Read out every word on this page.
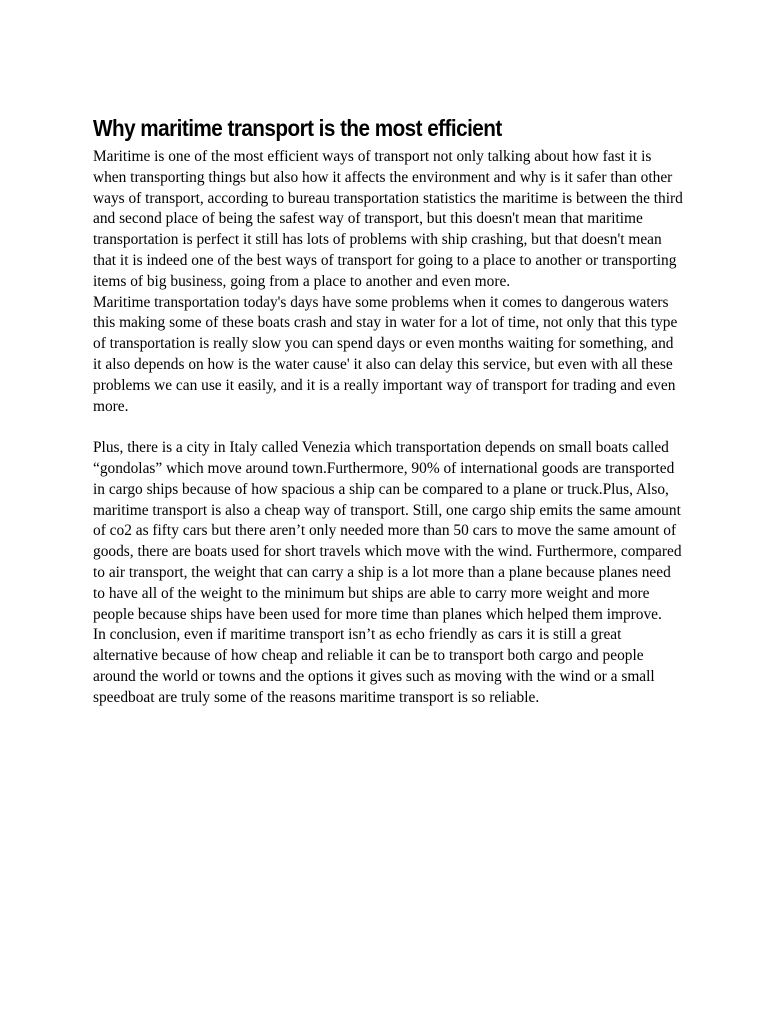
Why maritime transport is the most efficient

Maritime is one of the most efficient ways of transport not only talking about how fast it is when transporting things but also how it affects the environment and why is it safer than other ways of transport, according to bureau transportation statistics the maritime is between the third and second place of being the safest way of transport, but this doesn't mean that maritime transportation is perfect it still has lots of problems with ship crashing, but that doesn't mean that it is indeed one of the best ways of transport for going to a place to another or transporting items of big business, going from a place to another and even more.

Maritime transportation today's days have some problems when it comes to dangerous waters this making some of these boats crash and stay in water for a lot of time, not only that this type of transportation is really slow you can spend days or even months waiting for something, and it also depends on how is the water cause' it also can delay this service, but even with all these problems we can use it easily, and it is a really important way of transport for trading and even more.

Plus, there is a city in Italy called Venezia which transportation depends on small boats called “gondolas” which move around town.Furthermore, 90% of international goods are transported in cargo ships because of how spacious a ship can be compared to a plane or truck.Plus, Also, maritime transport is also a cheap way of transport. Still, one cargo ship emits the same amount of co2 as fifty cars but there aren’t only needed more than 50 cars to move the same amount of goods, there are boats used for short travels which move with the wind. Furthermore, compared to air transport, the weight that can carry a ship is a lot more than a plane because planes need to have all of the weight to the minimum but ships are able to carry more weight and more people because ships have been used for more time than planes which helped them improve.

In conclusion, even if maritime transport isn’t as echo friendly as cars it is still a great alternative because of how cheap and reliable it can be to transport both cargo and people around the world or towns and the options it gives such as moving with the wind or a small speedboat are truly some of the reasons maritime transport is so reliable.
